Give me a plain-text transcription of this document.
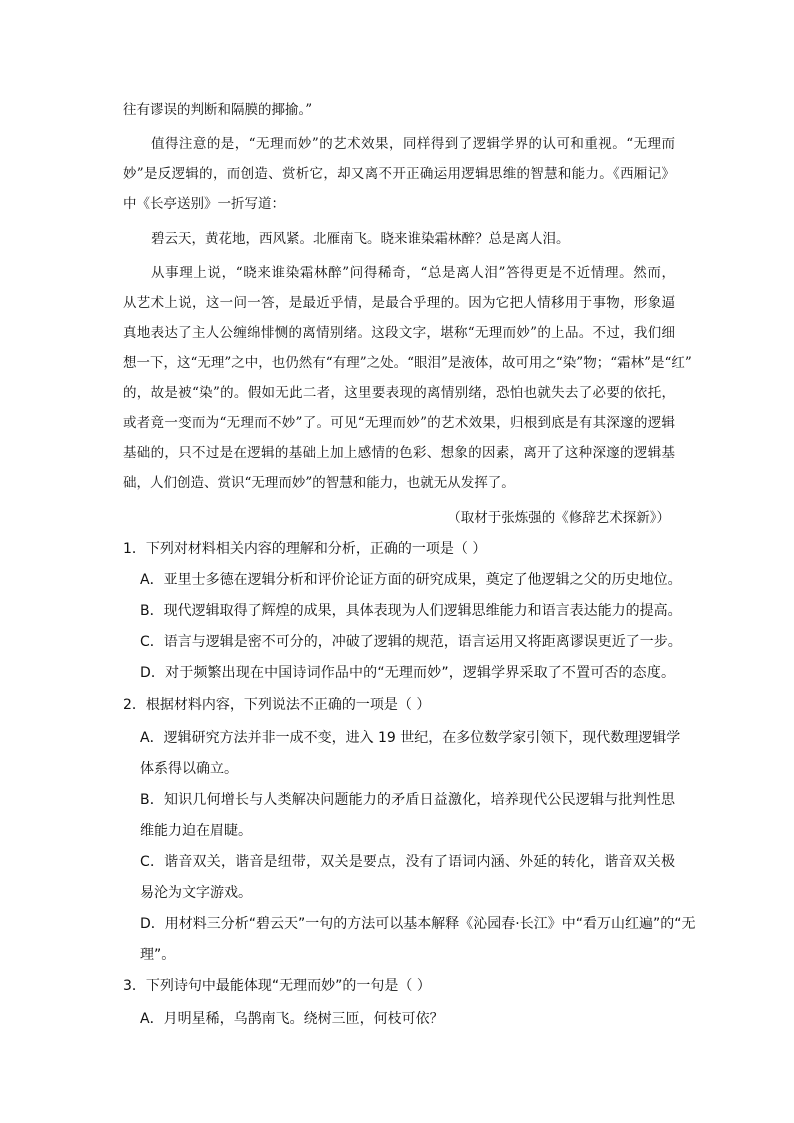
往有谬误的判断和隔膜的揶揄。”
值得注意的是，“无理而妙”的艺术效果，同样得到了逻辑学界的认可和重视。“无理而
妙”是反逻辑的，而创造、赏析它，却又离不开正确运用逻辑思维的智慧和能力。《西厢记》
中《长亭送别》一折写道：
碧云天，黄花地，西风紧。北雁南飞。晓来谁染霜林醉？总是离人泪。
从事理上说，“晓来谁染霜林醉”问得稀奇，“总是离人泪”答得更是不近情理。然而，
从艺术上说，这一问一答，是最近乎情，是最合乎理的。因为它把人情移用于事物，形象逼
真地表达了主人公缠绵悱恻的离情别绪。这段文字，堪称“无理而妙”的上品。不过，我们细
想一下，这“无理”之中，也仍然有“有理”之处。“眼泪”是液体，故可用之“染”物；“霜林”是“红”
的，故是被“染”的。假如无此二者，这里要表现的离情别绪，恐怕也就失去了必要的依托，
或者竟一变而为“无理而不妙”了。可见“无理而妙”的艺术效果，归根到底是有其深邃的逻辑
基础的，只不过是在逻辑的基础上加上感情的色彩、想象的因素，离开了这种深邃的逻辑基
础，人们创造、赏识“无理而妙”的智慧和能力，也就无从发挥了。
（取材于张炼强的《修辞艺术探新》）
1．下列对材料相关内容的理解和分析，正确的一项是（ ）
A．亚里士多德在逻辑分析和评价论证方面的研究成果，奠定了他逻辑之父的历史地位。
B．现代逻辑取得了辉煌的成果，具体表现为人们逻辑思维能力和语言表达能力的提高。
C．语言与逻辑是密不可分的，冲破了逻辑的规范，语言运用又将距离谬误更近了一步。
D．对于频繁出现在中国诗词作品中的“无理而妙”，逻辑学界采取了不置可否的态度。
2．根据材料内容，下列说法不正确的一项是（ ）
A．逻辑研究方法并非一成不变，进入 19 世纪，在多位数学家引领下，现代数理逻辑学
体系得以确立。
B．知识几何增长与人类解决问题能力的矛盾日益激化，培养现代公民逻辑与批判性思
维能力迫在眉睫。
C．谐音双关，谐音是纽带，双关是要点，没有了语词内涵、外延的转化，谐音双关极
易沦为文字游戏。
D．用材料三分析“碧云天”一句的方法可以基本解释《沁园春·长江》中“看万山红遍”的“无
理”。
3．下列诗句中最能体现“无理而妙”的一句是（ ）
A．月明星稀，乌鹊南飞。绕树三匝，何枝可依？
